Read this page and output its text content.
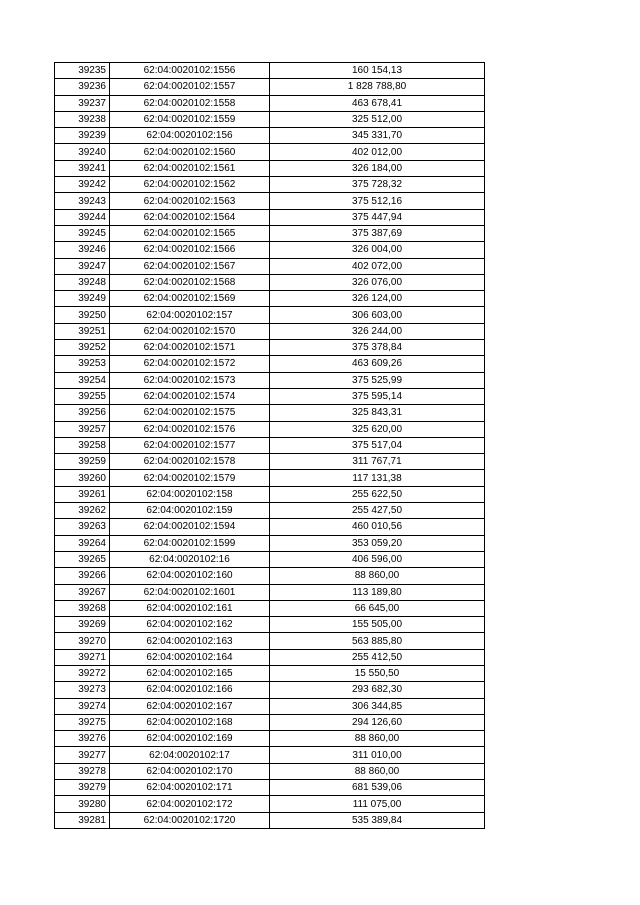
39235	62:04:0020102:1556	160 154,13
39236	62:04:0020102:1557	1 828 788,80
39237	62:04:0020102:1558	463 678,41
39238	62:04:0020102:1559	325 512,00
39239	62:04:0020102:156	345 331,70
39240	62:04:0020102:1560	402 012,00
39241	62:04:0020102:1561	326 184,00
39242	62:04:0020102:1562	375 728,32
39243	62:04:0020102:1563	375 512,16
39244	62:04:0020102:1564	375 447,94
39245	62:04:0020102:1565	375 387,69
39246	62:04:0020102:1566	326 004,00
39247	62:04:0020102:1567	402 072,00
39248	62:04:0020102:1568	326 076,00
39249	62:04:0020102:1569	326 124,00
39250	62:04:0020102:157	306 603,00
39251	62:04:0020102:1570	326 244,00
39252	62:04:0020102:1571	375 378,84
39253	62:04:0020102:1572	463 609,26
39254	62:04:0020102:1573	375 525,99
39255	62:04:0020102:1574	375 595,14
39256	62:04:0020102:1575	325 843,31
39257	62:04:0020102:1576	325 620,00
39258	62:04:0020102:1577	375 517,04
39259	62:04:0020102:1578	311 767,71
39260	62:04:0020102:1579	117 131,38
39261	62:04:0020102:158	255 622,50
39262	62:04:0020102:159	255 427,50
39263	62:04:0020102:1594	460 010,56
39264	62:04:0020102:1599	353 059,20
39265	62:04:0020102:16	406 596,00
39266	62:04:0020102:160	88 860,00
39267	62:04:0020102:1601	113 189,80
39268	62:04:0020102:161	66 645,00
39269	62:04:0020102:162	155 505,00
39270	62:04:0020102:163	563 885,80
39271	62:04:0020102:164	255 412,50
39272	62:04:0020102:165	15 550,50
39273	62:04:0020102:166	293 682,30
39274	62:04:0020102:167	306 344,85
39275	62:04:0020102:168	294 126,60
39276	62:04:0020102:169	88 860,00
39277	62:04:0020102:17	311 010,00
39278	62:04:0020102:170	88 860,00
39279	62:04:0020102:171	681 539,06
39280	62:04:0020102:172	111 075,00
39281	62:04:0020102:1720	535 389,84
